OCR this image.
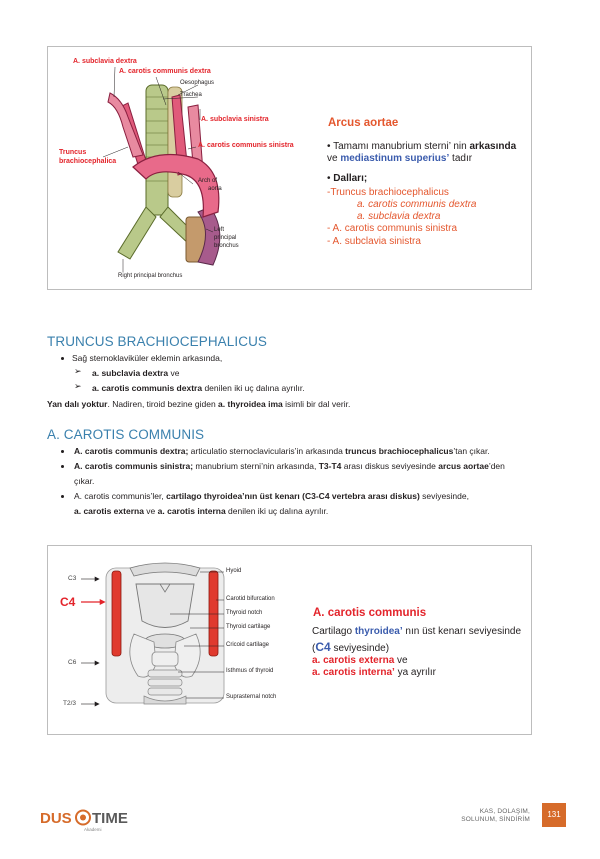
A. subclavia dextra
A. carotis communis dextra
Oesophagus
Trachea
A. subclavia sinistra
A. carotis communis sinistra
Truncus
brachiocephalica
Arch of
aorta
Left
principal
bronchus
Right principal bronchus
Arcus aortae
• Tamamı manubrium sterni’ nin arkasında
ve mediastinum superius’ tadır
• Dalları;
-Truncus brachiocephalicus
a. carotis communis dextra
a. subclavia dextra
- A. carotis communis sinistra
- A. subclavia sinistra
TRUNCUS BRACHIOCEPHALICUS
Sağ sternoklaviküler eklemin arkasında,
➢ a. subclavia dextra ve
➢ a. carotis communis dextra denilen iki uç dalına ayrılır.
Yan dalı yoktur. Nadiren, tiroid bezine giden a. thyroidea ima isimli bir dal verir.
A. CAROTIS COMMUNIS
A. carotis communis dextra; articulatio sternoclavicularis’in arkasında truncus brachiocephalicus’tan çıkar.
A. carotis communis sinistra; manubrium sterni’nin arkasında, T3-T4 arası diskus seviyesinde arcus aortae’den
çıkar.
A. carotis communis’ler, cartilago thyroidea’nın üst kenarı (C3-C4 vertebra arası diskus) seviyesinde,
a. carotis externa ve a. carotis interna denilen iki uç dalına ayrılır.
C3
C4
C6
T2/3
Hyoid
Carotid bifurcation
Thyroid notch
Thyroid cartilage
Cricoid cartilage
Isthmus of thyroid
Suprasternal notch
A. carotis communis
Cartilago thyroidea’ nın üst kenarı seviyesinde
(C4 seviyesinde)
a. carotis externa ve
a. carotis interna’ ya ayrılır
DUS TIME
Akademi
KAS, DOLAŞIM,
SOLUNUM, SİNDİRİM
131
